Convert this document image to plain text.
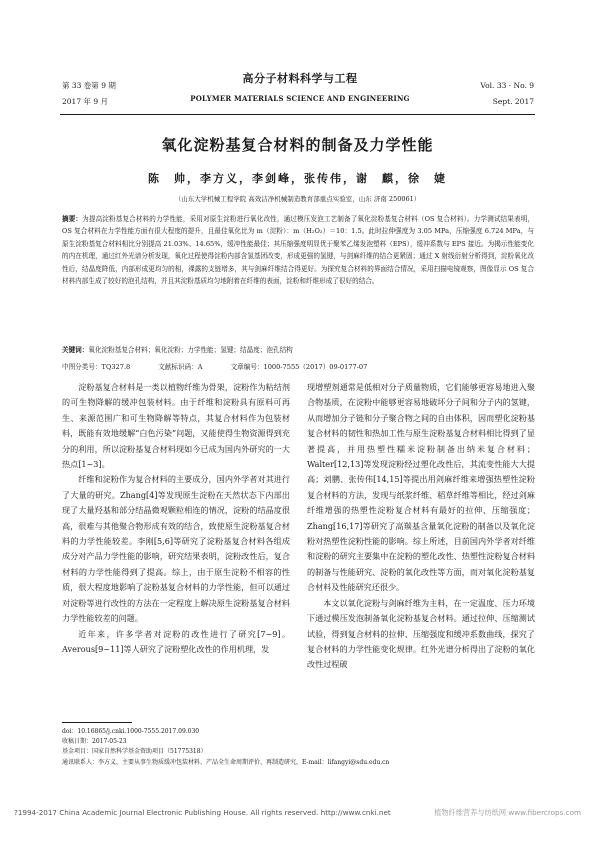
第 33 卷第 9 期
2017 年 9 月
高分子材料科学与工程
POLYMER MATERIALS SCIENCE AND ENGINEERING
Vol. 33 · No. 9
Sept. 2017
氧化淀粉基复合材料的制备及力学性能
陈　帅，李方义，李剑峰，张传伟，谢　麒，徐　婕
（山东大学机械工程学院 高效洁净机械制造教育部重点实验室，山东 济南 250061）
摘要：为提高淀粉基复合材料的力学性能，采用对原生淀粉进行氧化改性，通过模压发泡工艺制备了氧化淀粉基复合材料（OS 复合材料）。力学测试结果表明，OS 复合材料在力学性能方面有很大程度的提升，且最佳氧化比为 m（淀粉）：m（H₂O₂）＝10：1.5。此时拉伸强度为 3.05 MPa，压缩强度 6.724 MPa，与原生淀粉基复合材料相比分别提高 21.03%、14.65%，缓冲性能最佳；其压缩强度明显优于聚苯乙烯发泡塑料（EPS），缓冲系数与 EPS 接近。为揭示性能变化的内在机理，通过红外光谱分析发现，氧化过程使得淀粉内部含氢基团改变，形成更强的氢键，与剑麻纤维的结合更紧固；通过 X 射线衍射分析得到，淀粉氧化改性后，结晶度降低，内部形成更均匀的相，裸露的支链增多，其与剑麻纤维结合得更好。为探究复合材料的界面结合情况，采用扫描电镜观察，图像显示 OS 复合材料内部生成了较好的泡孔结构，并且其淀粉基质均匀地附着在纤维的表面，淀粉和纤维形成了很好的结合。
关键词：氧化淀粉基复合材料；氧化淀粉；力学性能；氢键；结晶度；泡孔结构
中图分类号：TQ327.8	文献标识码：A	文章编号：1000-7555（2017）09-0177-07

淀粉基复合材料是一类以植物纤维为骨架，淀粉作为粘结剂的可生物降解的缓冲包装材料。由于纤维和淀粉具有原料可再生、来源范围广和可生物降解等特点，其复合材料作为包装材料，既能有效地缓解“白色污染”问题，又能使得生物资源得到充分的利用，所以淀粉基复合材料现如今已成为国内外研究的一大热点[1~3]。

纤维和淀粉作为复合材料的主要成分，国内外学者对其进行了大量的研究。Zhang[4]等发现原生淀粉在天然状态下内部出现了大量羟基和部分结晶微观颗粒相连的情况，淀粉的结晶度很高，很难与其他聚合物形成有效的结合，致使原生淀粉基复合材料的力学性能较差。李刚[5,6]等研究了淀粉基复合材料各组成成分对产品力学性能的影响，研究结果表明，淀粉改性后，复合材料的力学性能得到了提高。综上，由于原生淀粉不相容的性质，很大程度地影响了淀粉基复合材料的力学性能，但可以通过对淀粉等进行改性的方法在一定程度上解决原生淀粉基复合材料力学性能较差的问题。

近年来，许多学者对淀粉的改性进行了研究[7~9]。Averous[9~11]等人研究了淀粉塑化改性的作用机理，发

现增塑剂通常是低相对分子质量物质，它们能够更容易地进入聚合物基质，在淀粉中能够更容易地破坏分子间和分子内的氢键，从而增加分子链和分子聚合物之间的自由体积，因而塑化淀粉基复合材料的韧性和热加工性与原生淀粉基复合材料相比得到了显著提高，并用热塑性糯米淀粉制备出纳米复合材料；Walter[12,13]等发现淀粉经过塑化改性后，其流变性能大大提高；刘鹏、张传伟[14,15]等提出用剑麻纤维来增强热塑性淀粉复合材料的方法，发现与纸浆纤维、稻草纤维等相比，经过剑麻纤维增强的热塑性淀粉复合材料有最好的拉伸、压缩强度；Zhang[16,17]等研究了高羰基含量氧化淀粉的制备以及氧化淀粉对热塑性淀粉性能的影响。综上所述，目前国内外学者对纤维和淀粉的研究主要集中在淀粉的塑化改性、热塑性淀粉复合材料的制备与性能研究、淀粉的氧化改性等方面，而对氧化淀粉基复合材料及性能研究还很少。

本文以氧化淀粉与剑麻纤维为主料，在一定温度、压力环境下通过模压发泡制备氧化淀粉基复合材料。通过拉伸、压缩测试试验，得到复合材料的拉伸、压缩强度和缓冲系数曲线，探究了复合材料的力学性能变化规律。红外光谱分析得出了淀粉的氧化改性过程破

doi：10.16865/j.cnki.1000-7555.2017.09.030
收稿日期：2017-05-23
基金项目：国家自然科学基金资助项目（51775318）
通讯联系人：李方义，主要从事生物质缓冲包装材料、产品全生命周期评价、再制造研究，E-mail：lifangyi@sdu.edu.cn
?1994-2017 China Academic Journal Electronic Publishing House. All rights reserved. http://www.cnki.net	植物纤维营养与纺纸网 www.fibercrops.com
